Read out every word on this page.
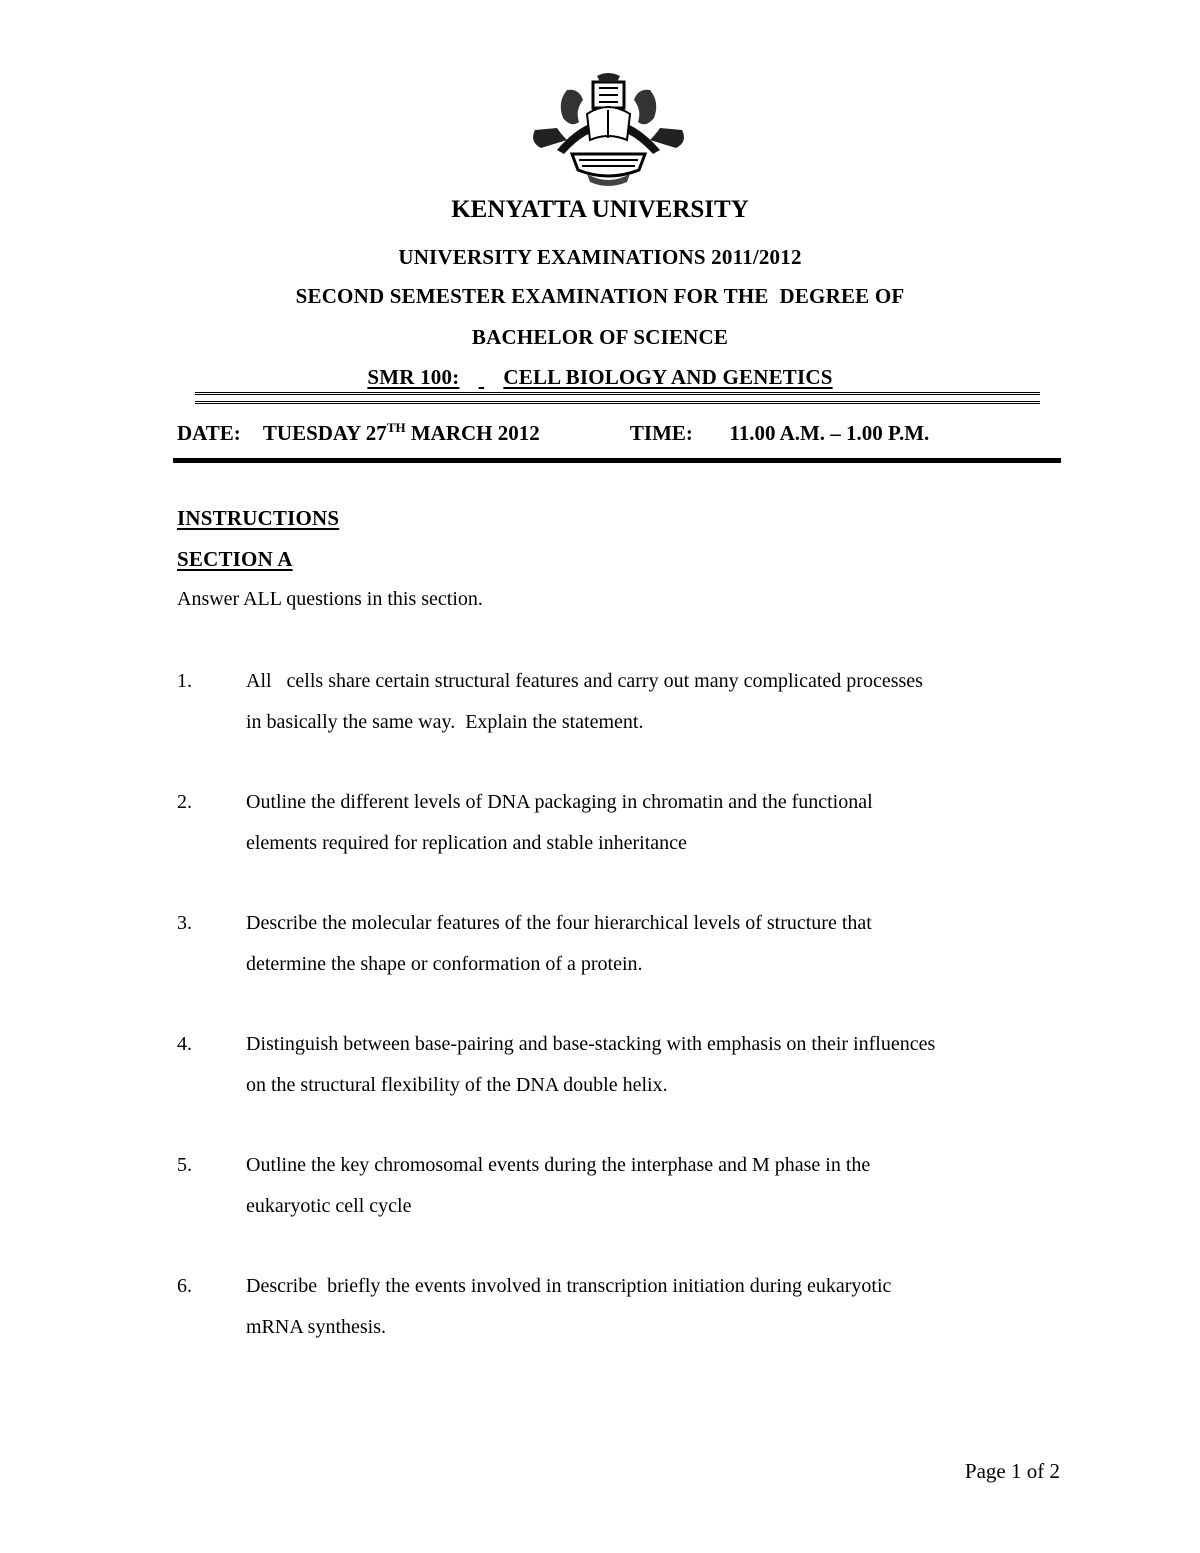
KENYATTA UNIVERSITY
UNIVERSITY EXAMINATIONS 2011/2012
SECOND SEMESTER EXAMINATION FOR THE  DEGREE OF
BACHELOR OF SCIENCE
SMR 100: CELL BIOLOGY AND GENETICS
DATE: TUESDAY 27TH MARCH 2012	TIME: 11.00 A.M. – 1.00 P.M.
INSTRUCTIONS
SECTION A
Answer ALL questions in this section.
1.	All   cells share certain structural features and carry out many complicated processes
in basically the same way.  Explain the statement.
2.	Outline the different levels of DNA packaging in chromatin and the functional
elements required for replication and stable inheritance
3.	Describe the molecular features of the four hierarchical levels of structure that
determine the shape or conformation of a protein.
4.	Distinguish between base-pairing and base-stacking with emphasis on their influences
on the structural flexibility of the DNA double helix.
5.	Outline the key chromosomal events during the interphase and M phase in the
eukaryotic cell cycle
6.	Describe  briefly the events involved in transcription initiation during eukaryotic
mRNA synthesis.
Page 1 of 2
